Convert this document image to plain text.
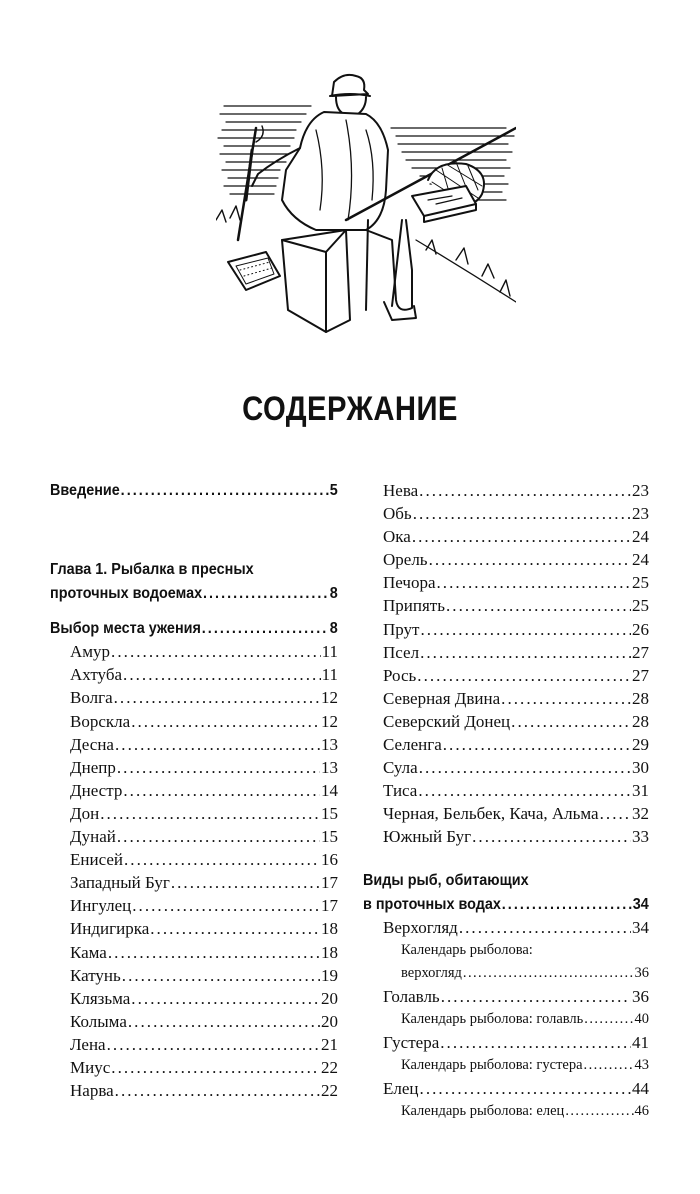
СОДЕРЖАНИЕ
Введение . . .	5
Глава 1. Рыбалка в пресных
проточных водоемах . . .	8
Выбор места ужения . . .	8
Амур . . .	11
Ахтуба . . .	11
Волга . . .	12
Ворскла . . .	12
Десна . . .	13
Днепр . . .	13
Днестр . . .	14
Дон . . .	15
Дунай . . .	15
Енисей . . .	16
Западный Буг . . .	17
Ингулец . . .	17
Индигирка . . .	18
Кама . . .	18
Катунь . . .	19
Клязьма . . .	20
Колыма . . .	20
Лена . . .	21
Миус . . .	22
Нарва . . .	22
Нева . . .	23
Обь . . .	23
Ока . . .	24
Орель . . .	24
Печора . . .	25
Припять . . .	25
Прут . . .	26
Псел . . .	27
Рось . . .	27
Северная Двина . . .	28
Северский Донец . . .	28
Селенга . . .	29
Сула . . .	30
Тиса . . .	31
Черная, Бельбек, Кача, Альма . . . 32
Южный Буг . . .	33
Виды рыб, обитающих
в проточных водах . . .	34
Верхогляд . . .	34
Календарь рыболова:
верхогляд . . .	36
Голавль . . .	36
Календарь рыболова: голавль . . .	40
Густера . . .	41
Календарь рыболова: густера . . .	43
Елец . . .	44
Календарь рыболова: елец . . .	46
